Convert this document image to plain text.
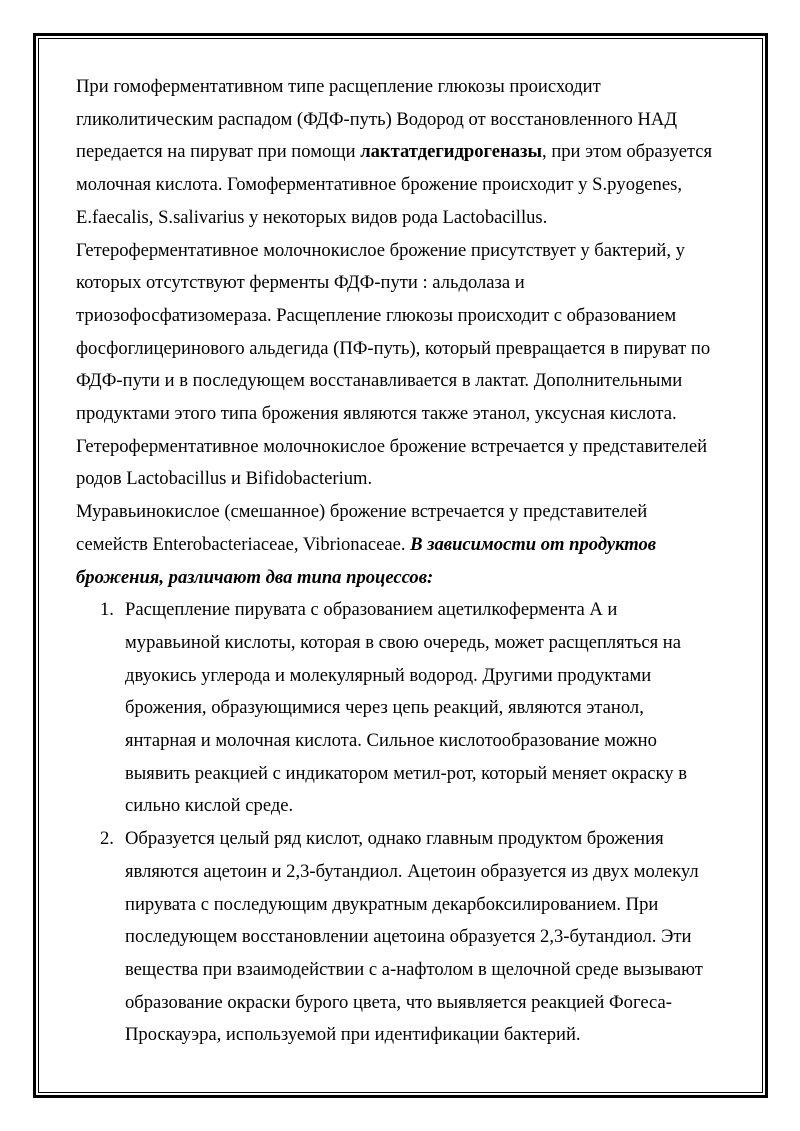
При гомоферментативном типе расщепление глюкозы происходит
гликолитическим распадом (ФДФ-путь) Водород от восстановленного НАД
передается на пируват при помощи лактатдегидрогеназы, при этом образуется
молочная кислота. Гомоферментативное брожение происходит у S.pyogenes,
E.faecalis, S.salivarius у некоторых видов рода Lactobacillus.
Гетероферментативное молочнокислое брожение присутствует у бактерий, у
которых отсутствуют ферменты ФДФ-пути : альдолаза и
триозофосфатизомераза. Расщепление глюкозы происходит с образованием
фосфоглицеринового альдегида (ПФ-путь), который превращается в пируват по
ФДФ-пути и в последующем восстанавливается в лактат. Дополнительными
продуктами этого типа брожения являются также этанол, уксусная кислота.
Гетероферментативное молочнокислое брожение встречается у представителей
родов Lactobacillus и Bifidobacterium.
Муравьинокислое (смешанное) брожение встречается у представителей
семейств Enterobacteriaceae, Vibrionaceae. В зависимости от продуктов
брожения, различают два типа процессов:
1. Расщепление пирувата с образованием ацетилкофермента А и
муравьиной кислоты, которая в свою очередь, может расщепляться на
двуокись углерода и молекулярный водород. Другими продуктами
брожения, образующимися через цепь реакций, являются этанол,
янтарная и молочная кислота. Сильное кислотообразование можно
выявить реакцией с индикатором метил-рот, который меняет окраску в
сильно кислой среде.
2. Образуется целый ряд кислот, однако главным продуктом брожения
являются ацетоин и 2,3-бутандиол. Ацетоин образуется из двух молекул
пирувата с последующим двукратным декарбоксилированием. При
последующем восстановлении ацетоина образуется 2,3-бутандиол. Эти
вещества при взаимодействии с а-нафтолом в щелочной среде вызывают
образование окраски бурого цвета, что выявляется реакцией Фогеса-
Проскауэра, используемой при идентификации бактерий.
